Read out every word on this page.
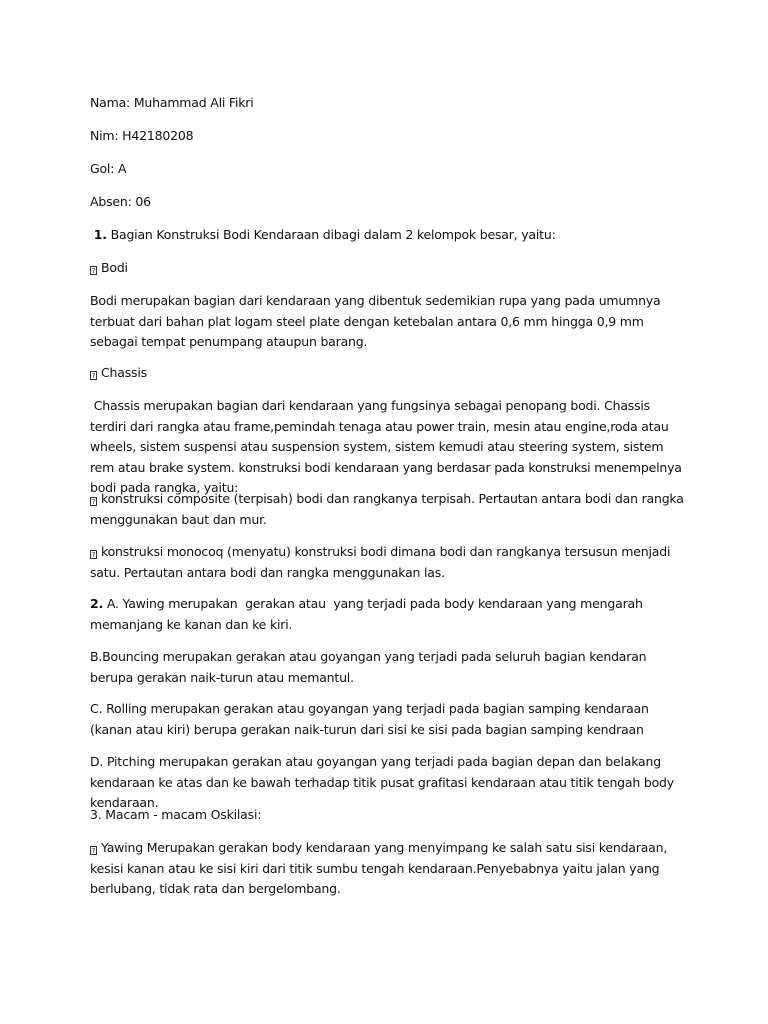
Nama: Muhammad Ali Fikri

Nim: H42180208

Gol: A

Absen: 06

1. Bagian Konstruksi Bodi Kendaraan dibagi dalam 2 kelompok besar, yaitu:

? Bodi

Bodi merupakan bagian dari kendaraan yang dibentuk sedemikian rupa yang pada umumnya terbuat dari bahan plat logam steel plate dengan ketebalan antara 0,6 mm hingga 0,9 mm sebagai tempat penumpang ataupun barang.

? Chassis

Chassis merupakan bagian dari kendaraan yang fungsinya sebagai penopang bodi. Chassis terdiri dari rangka atau frame,pemindah tenaga atau power train, mesin atau engine,roda atau wheels, sistem suspensi atau suspension system, sistem kemudi atau steering system, sistem rem atau brake system. konstruksi bodi kendaraan yang berdasar pada konstruksi menempelnya bodi pada rangka, yaitu:

? konstruksi composite (terpisah) bodi dan rangkanya terpisah. Pertautan antara bodi dan rangka menggunakan baut dan mur.

? konstruksi monocoq (menyatu) konstruksi bodi dimana bodi dan rangkanya tersusun menjadi satu. Pertautan antara bodi dan rangka menggunakan las.

2. A. Yawing merupakan  gerakan atau  yang terjadi pada body kendaraan yang mengarah memanjang ke kanan dan ke kiri.

B.Bouncing merupakan gerakan atau goyangan yang terjadi pada seluruh bagian kendaran berupa gerakan naik-turun atau memantul.

C. Rolling merupakan gerakan atau goyangan yang terjadi pada bagian samping kendaraan (kanan atau kiri) berupa gerakan naik-turun dari sisi ke sisi pada bagian samping kendraan

D. Pitching merupakan gerakan atau goyangan yang terjadi pada bagian depan dan belakang kendaraan ke atas dan ke bawah terhadap titik pusat grafitasi kendaraan atau titik tengah body kendaraan.

3. Macam - macam Oskilasi:

? Yawing Merupakan gerakan body kendaraan yang menyimpang ke salah satu sisi kendaraan, kesisi kanan atau ke sisi kiri dari titik sumbu tengah kendaraan.Penyebabnya yaitu jalan yang berlubang, tidak rata dan bergelombang.
